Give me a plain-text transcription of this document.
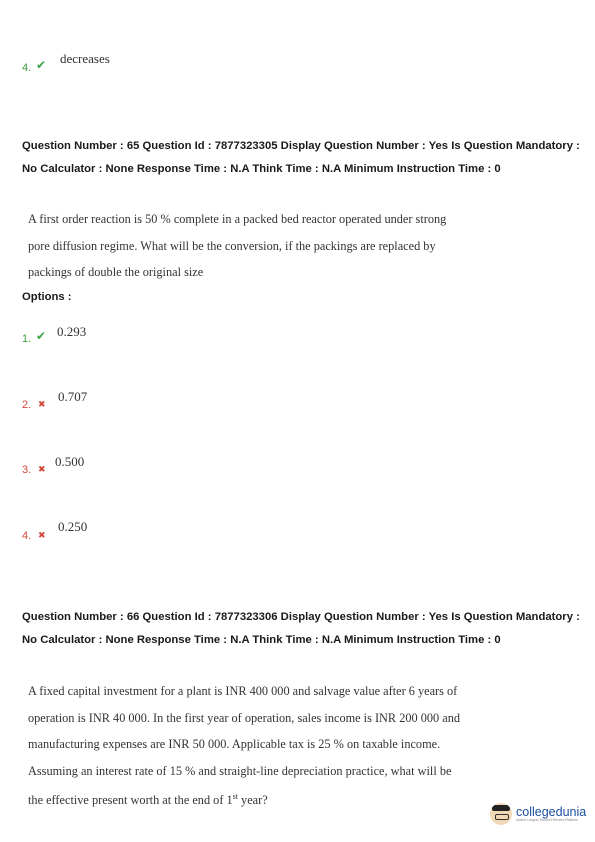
4. ✔ decreases
Question Number : 65 Question Id : 7877323305 Display Question Number : Yes Is Question Mandatory : No Calculator : None Response Time : N.A Think Time : N.A Minimum Instruction Time : 0
A first order reaction is 50 % complete in a packed bed reactor operated under strong
pore diffusion regime. What will be the conversion, if the packings are replaced by
packings of double the original size
Options :
1. ✔ 0.293
2. ✖
0.707
3. ✖
0.500
4. ✖
0.250
Question Number : 66 Question Id : 7877323306 Display Question Number : Yes Is Question Mandatory : No Calculator : None Response Time : N.A Think Time : N.A Minimum Instruction Time : 0
A fixed capital investment for a plant is INR 400 000 and salvage value after 6 years of
operation is INR 40 000. In the first year of operation, sales income is INR 200 000 and
manufacturing expenses are INR 50 000. Applicable tax is 25 % on taxable income.
Assuming an interest rate of 15 % and straight-line depreciation practice, what will be
the effective present worth at the end of 1st year?
collegedunia
India's Largest Student Review Platform
